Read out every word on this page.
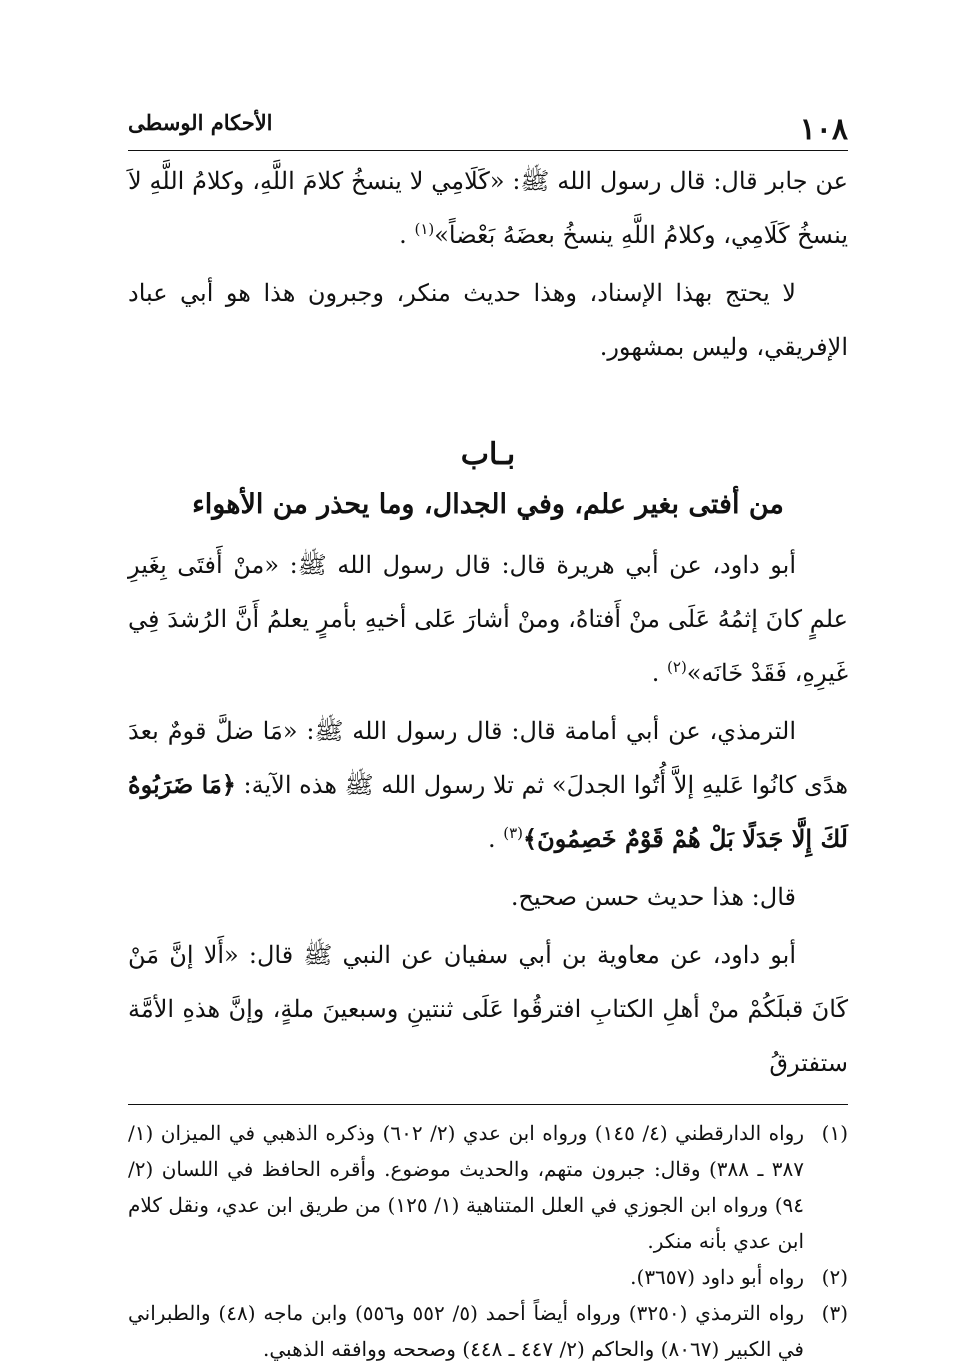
١٠٨
الأحكام الوسطى

عن جابر قال: قال رسول الله ﷺ: «كَلَامِي لا ينسخُ كلامَ اللَّهِ، وكلامُ اللَّهِ لاَ ينسخُ كَلَامِي، وكلامُ اللَّهِ ينسخُ بعضَهُ بَعْضاً»$^{(١)}$ .

لا يحتج بهذا الإسناد، وهذا حديث منكر، وجبرون هذا هو أبي عباد الإفريقي، وليس بمشهور.

بـاب
من أفتى بغير علم، وفي الجدال، وما يحذر من الأهواء

أبو داود، عن أبي هريرة قال: قال رسول الله ﷺ: «منْ أَفتَى بِغَيرِ علمٍ كانَ إثمُهُ عَلَى منْ أَفتاهُ، ومنْ أشارَ عَلى أخيهِ بأمرٍ يعلمُ أَنَّ الرُشدَ فِي غَيرِهِ، فَقَدْ خَانَه»$^{(٢)}$ .

الترمذي، عن أبي أمامة قال: قال رسول الله ﷺ: «مَا ضلَّ قومٌ بعدَ هدًى كانُوا عَليهِ إلاَّ أُتُوا الجدلَ» ثم تلا رسول الله ﷺ هذه الآية: ﴿مَا ضَرَبُوهُ لَكَ إِلَّا جَدَلًا بَلْ هُمْ قَوْمٌ خَصِمُونَ﴾$^{(٣)}$ .

قال: هذا حديث حسن صحيح.

أبو داود، عن معاوية بن أبي سفيان عن النبي ﷺ قال: «أَلا إنَّ مَنْ كَانَ قبلَكُمْ منْ أهلِ الكتابِ افترقُوا عَلَى ثنتينِ وسبعينَ ملةٍ، وإنَّ هذهِ الأمَّة ستفترقُ

(١)
رواه الدارقطني (٤/ ١٤٥) ورواه ابن عدي (٢/ ٦٠٢) وذكره الذهبي في الميزان (١/ ٣٨٧ ـ ٣٨٨) وقال: جبرون متهم، والحديث موضوع. وأقره الحافظ في اللسان (٢/ ٩٤) ورواه ابن الجوزي في العلل المتناهية (١/ ١٢٥) من طريق ابن عدي، ونقل كلام ابن عدي بأنه منكر.
(٢)
رواه أبو داود (٣٦٥٧).
(٣)
رواه الترمذي (٣٢٥٠) ورواه أيضاً أحمد (٥/ ٥٥٢ و٥٥٦) وابن ماجه (٤٨) والطبراني في الكبير (٨٠٦٧) والحاكم (٢/ ٤٤٧ ـ ٤٤٨) وصححه ووافقه الذهبي.
